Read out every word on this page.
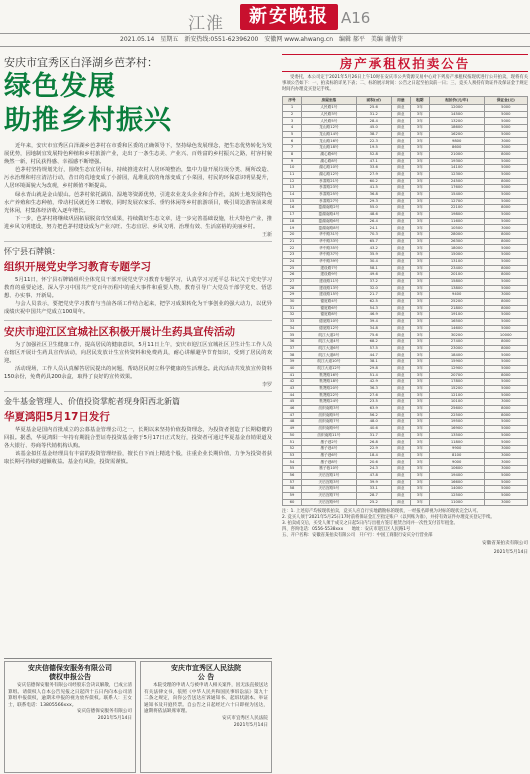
江淮	新安晚报 A16
2021.05.14　星期五　新安热线:0551-62396200　安徽网 www.ahwang.cn　编辑 郝平　美编 谢倩芽
安庆市宜秀区白泽湖乡芭茅村：
绿色发展
助推乡村振兴

近年来，安庆市宜秀区白泽湖乡芭茅村在市委和区委的正确领导下，坚持绿色发展理念，把生态优势转化为发展优势，因地制宜发展特色种植和乡村旅游产业，走出了一条生态美、产业兴、百姓富的乡村振兴之路，村容村貌焕然一新，村民获得感、幸福感不断增强。

芭茅村坚持规划先行，围绕生态宜居目标，持续推进农村人居环境整治，集中力量开展垃圾分类、厕所改造、污水治理和村庄清洁行动，昔日的荒地变成了小游园，乱堆乱放的角落变成了小菜园，村民的环保意识明显提升，人居环境面貌大为改观，乡村颜值不断提高。

绿水青山就是金山银山。芭茅村依托湖泊、湿地等资源优势，引进农业龙头企业和合作社，流转土地发展特色水产养殖和生态种植，带动村民就近务工增收，同时发展农家乐、垂钓休闲等乡村旅游项目，吸引周边游客前来观光休闲，村集体经济收入逐年增长。

下一步，芭茅村将继续巩固拓展脱贫攻坚成果，持续做好生态文章，进一步完善基础设施，壮大特色产业，推进乡风文明建设，努力把芭茅村建设成为产业兴旺、生态宜居、乡风文明、治理有效、生活富裕的美丽乡村。

王新
怀宁县石牌镇：
组织开展党史学习教育专题学习

5月11日，怀宁县石牌镇组织全体党员干部开展党史学习教育专题学习，认真学习习近平总书记关于党史学习教育的重要论述，深入学习中国共产党百年历程中的重大事件和重要人物，教育引导广大党员干部学党史、悟思想、办实事、开新局。

与会人员表示，要把党史学习教育与当前各项工作结合起来，把学习成果转化为干事创业的强大动力，以优异成绩庆祝中国共产党成立100周年。

安庆市迎江区宜城社区积极开展计生药具宣传活动

为了加强社区卫生健康工作，提高居民的健康意识，5月11日上午，安庆市迎江区宜城社区卫生计生工作人员在辖区开展计生药具宣传活动，向居民发放计生宣传资料和免费药具，耐心讲解避孕节育知识，受到了居民的欢迎。

活动现场，工作人员认真解答居民提出的问题，帮助居民树立科学健康的生活理念。此次活动共发放宣传资料150余份，免费药具200余盒，取得了良好的宣传效果。

李罗
金牛基金管理人、价值投资掌舵者现身阳西北新篇
华夏鸿阳5月17日发行

华夏基金是国内首批成立的公募基金管理公司之一，长期以来坚持价值投资理念，为投资者创造了长期稳健的回报。据悉，华夏鸿阳一年持有期混合型证券投资基金将于5月17日正式发行，投资者可通过华夏基金直销渠道及各大银行、券商等代销机构认购。

该基金拟任基金经理具有丰富的投资管理经验，擅长自下而上精选个股，注重企业长期价值，力争为投资者获取长期可持续的超额收益。基金有风险，投资需谨慎。

安庆信德保安服务有限公司
债权申报公告

安庆信德保安服务有限公司经股东会决议解散，已成立清算组。请债权人自本公告见报之日起四十五日内向本公司清算组申报债权，逾期未申报的视为放弃债权。联系人：王女士，联系电话：13805566xxx。

安庆信德保安服务有限公司
2021年5月14日
安庆市宜秀区人民法院
公 告

本院受理的申请人与被申请人相关案件，因无法直接送达有关法律文书，依照《中华人民共和国民事诉讼法》第九十二条之规定，向你公告送达应诉通知书、起诉状副本、举证通知书及开庭传票。自公告之日起经过六十日即视为送达，逾期将依法缺席审理。

安庆市宜秀区人民法院
2021年5月14日
房产承租权拍卖公告

受委托，本公司定于2021年5月26日上午10时在安庆市公共资源交易中心对下列房产承租权按现状进行公开拍卖，现将有关事项公告如下：一、拍卖标的详见下表；二、标的展示时间：公告之日起至拍卖前一日；三、竞买人须持有效证件及保证金于规定时间内办理竞买登记手续。

序号	房屋坐落	面积(㎡)	用途	租期	起拍价(元/年)	保证金(元)
1	人民路1号	25.6	商业	3年	12000	5000
2	人民路3号	31.2	商业	3年	14500	5000
3	人民路5号	28.4	商业	3年	13200	5000
4	龙山路12号	45.0	商业	3年	18600	5000
5	龙山路14号	38.7	商业	3年	16200	5000
6	龙山路16号	22.3	商业	3年	9800	3000
7	龙山路18号	19.5	商业	3年	8600	3000
8	湖心路6号	52.8	商业	3年	21000	8000
9	湖心路8号	47.1	商业	3年	19300	5000
10	湖心路10号	33.6	商业	3年	14100	5000
11	湖心路12号	27.9	商业	3年	12300	5000
12	孝肃路21号	60.2	商业	3年	24500	8000
13	孝肃路23号	41.5	商业	3年	17600	5000
14	孝肃路25号	36.8	商业	3年	15400	5000
15	孝肃路27号	29.3	商业	3年	12700	5000
16	菱湖南路2号	55.0	商业	3年	22100	8000
17	菱湖南路4号	48.6	商业	3年	19800	5000
18	菱湖南路6号	26.4	商业	3年	11600	5000
19	菱湖南路8号	24.1	商业	3年	10500	3000
20	华中路31号	70.3	商业	3年	28000	8000
21	华中路33号	65.7	商业	3年	26300	8000
22	华中路35号	43.2	商业	3年	18000	5000
23	华中路37号	35.9	商业	3年	15000	5000
24	华中路39号	30.4	商业	3年	13100	5000
25	建设路7号	58.1	商业	3年	23400	8000
26	建设路9号	49.6	商业	3年	20100	8000
27	建设路11号	37.2	商业	3年	15800	5000
28	建设路13号	32.0	商业	3年	13800	5000
29	建设路15号	21.7	商业	3年	9400	3000
30	德宽路4号	62.5	商业	3年	25200	8000
31	德宽路6号	54.3	商业	3年	21800	8000
32	德宽路8号	46.9	商业	3年	19100	5000
33	德宽路10号	39.4	商业	3年	16500	5000
34	德宽路12号	34.8	商业	3年	14600	5000
35	皖江大道2号	75.6	商业	3年	30200	10000
36	皖江大道4号	68.2	商业	3年	27400	8000
37	皖江大道6号	57.5	商业	3年	23000	8000
38	皖江大道8号	44.7	商业	3年	18400	5000
39	皖江大道10号	38.1	商业	3年	15900	5000
40	皖江大道12号	29.8	商业	3年	12900	5000
41	集贤路16号	51.4	商业	3年	20700	8000
42	集贤路18号	42.9	商业	3年	17800	5000
43	集贤路20号	36.3	商业	3年	15200	5000
44	集贤路22号	27.6	商业	3年	12100	5000
45	集贤路24号	23.5	商业	3年	10100	3000
46	纺织南路3号	63.9	商业	3年	25600	8000
47	纺织南路5号	56.2	商业	3年	22500	8000
48	纺织南路7号	48.0	商业	3年	19500	5000
49	纺织南路9号	40.6	商业	3年	16900	5000
50	纺织南路11号	31.7	商业	3年	13500	5000
51	墨子巷2号	26.8	商业	3年	11800	5000
52	墨子巷4号	22.9	商业	3年	9900	3000
53	墨子巷6号	18.4	商业	3年	8100	3000
54	墨子巷8号	20.6	商业	3年	9000	3000
55	墨子巷10号	24.3	商业	3年	10600	3000
56	天后宫路1号	47.8	商业	3年	19400	5000
57	天后宫路3号	39.9	商业	3年	16600	5000
58	天后宫路5号	33.1	商业	3年	14000	5000
59	天后宫路7号	28.7	商业	3年	12500	5000
60	天后宫路9号	25.2	商业	3年	11000	3000
注：1. 上述房产均按现状拍卖，竞买人应自行实地踏勘标的现状，一经报名即视为对标的现状完全认可。
2. 竞买人须于2021年5月25日17时前将保证金汇至指定账户（以到账为准），并持有效证件办理竞买登记手续。
3. 拍卖成交后，买受人须于成交之日起5日内与出租方签订租赁合同并一次性支付首年租金。
四、咨询电话：0556-5538xxx　　地址：安庆市迎江区人民路1号
五、开户名称：安徽省某拍卖有限公司　开户行：中国工商银行安庆分行营业部
安徽省某拍卖有限公司
2021年5月14日
